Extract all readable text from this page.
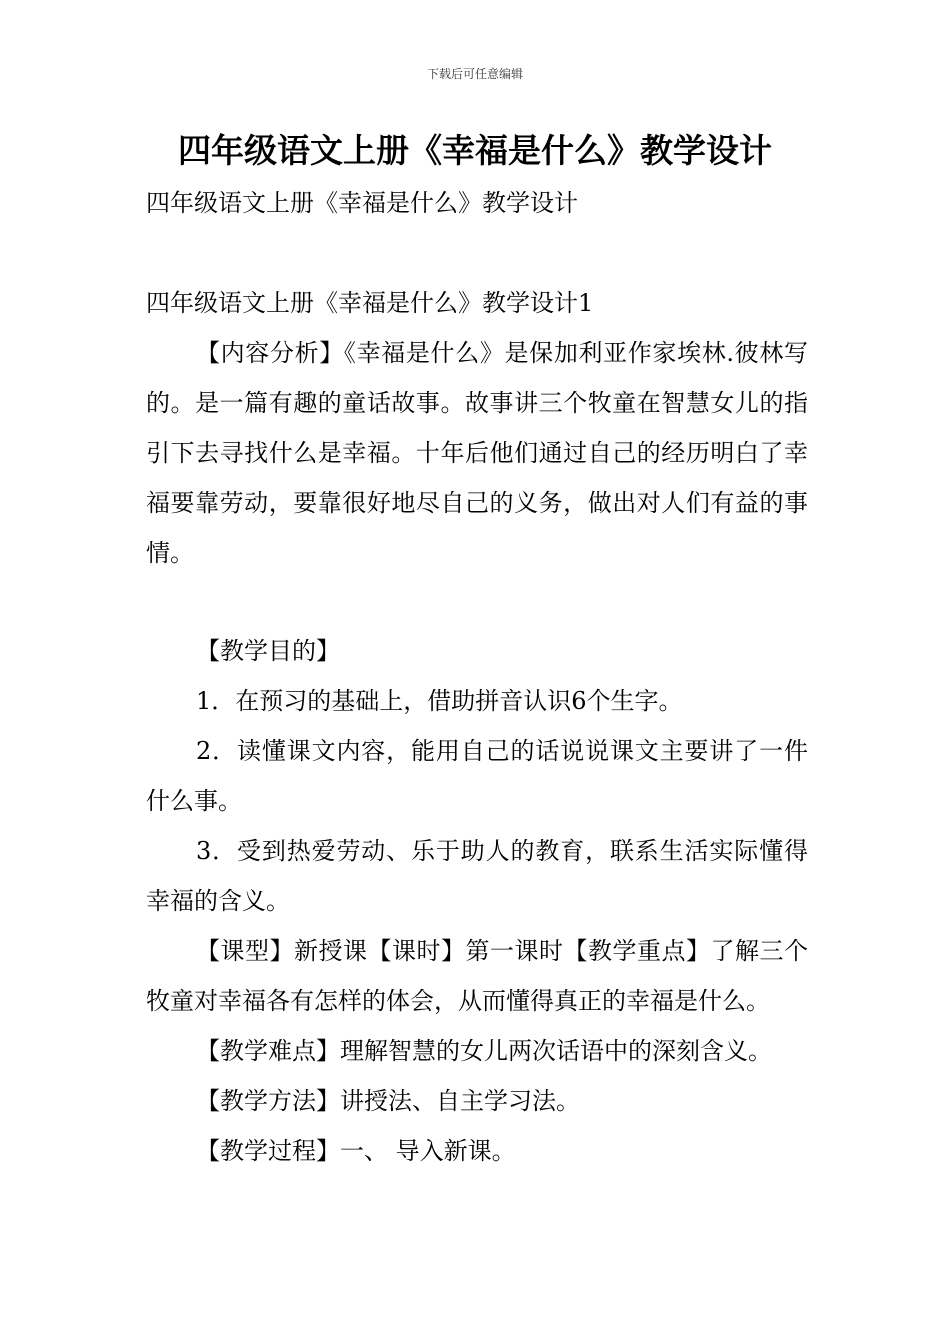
下载后可任意编辑
四年级语文上册《幸福是什么》教学设计

四年级语文上册《幸福是什么》教学设计

四年级语文上册《幸福是什么》教学设计1

【内容分析】《幸福是什么》是保加利亚作家埃林.彼林写的。是一篇有趣的童话故事。故事讲三个牧童在智慧女儿的指引下去寻找什么是幸福。十年后他们通过自己的经历明白了幸福要靠劳动，要靠很好地尽自己的义务，做出对人们有益的事情。

【教学目的】

1．在预习的基础上，借助拼音认识6个生字。

2．读懂课文内容，能用自己的话说说课文主要讲了一件什么事。

3．受到热爱劳动、乐于助人的教育，联系生活实际懂得幸福的含义。

【课型】新授课【课时】第一课时【教学重点】了解三个牧童对幸福各有怎样的体会，从而懂得真正的幸福是什么。

【教学难点】理解智慧的女儿两次话语中的深刻含义。

【教学方法】讲授法、自主学习法。

【教学过程】一、 导入新课。
